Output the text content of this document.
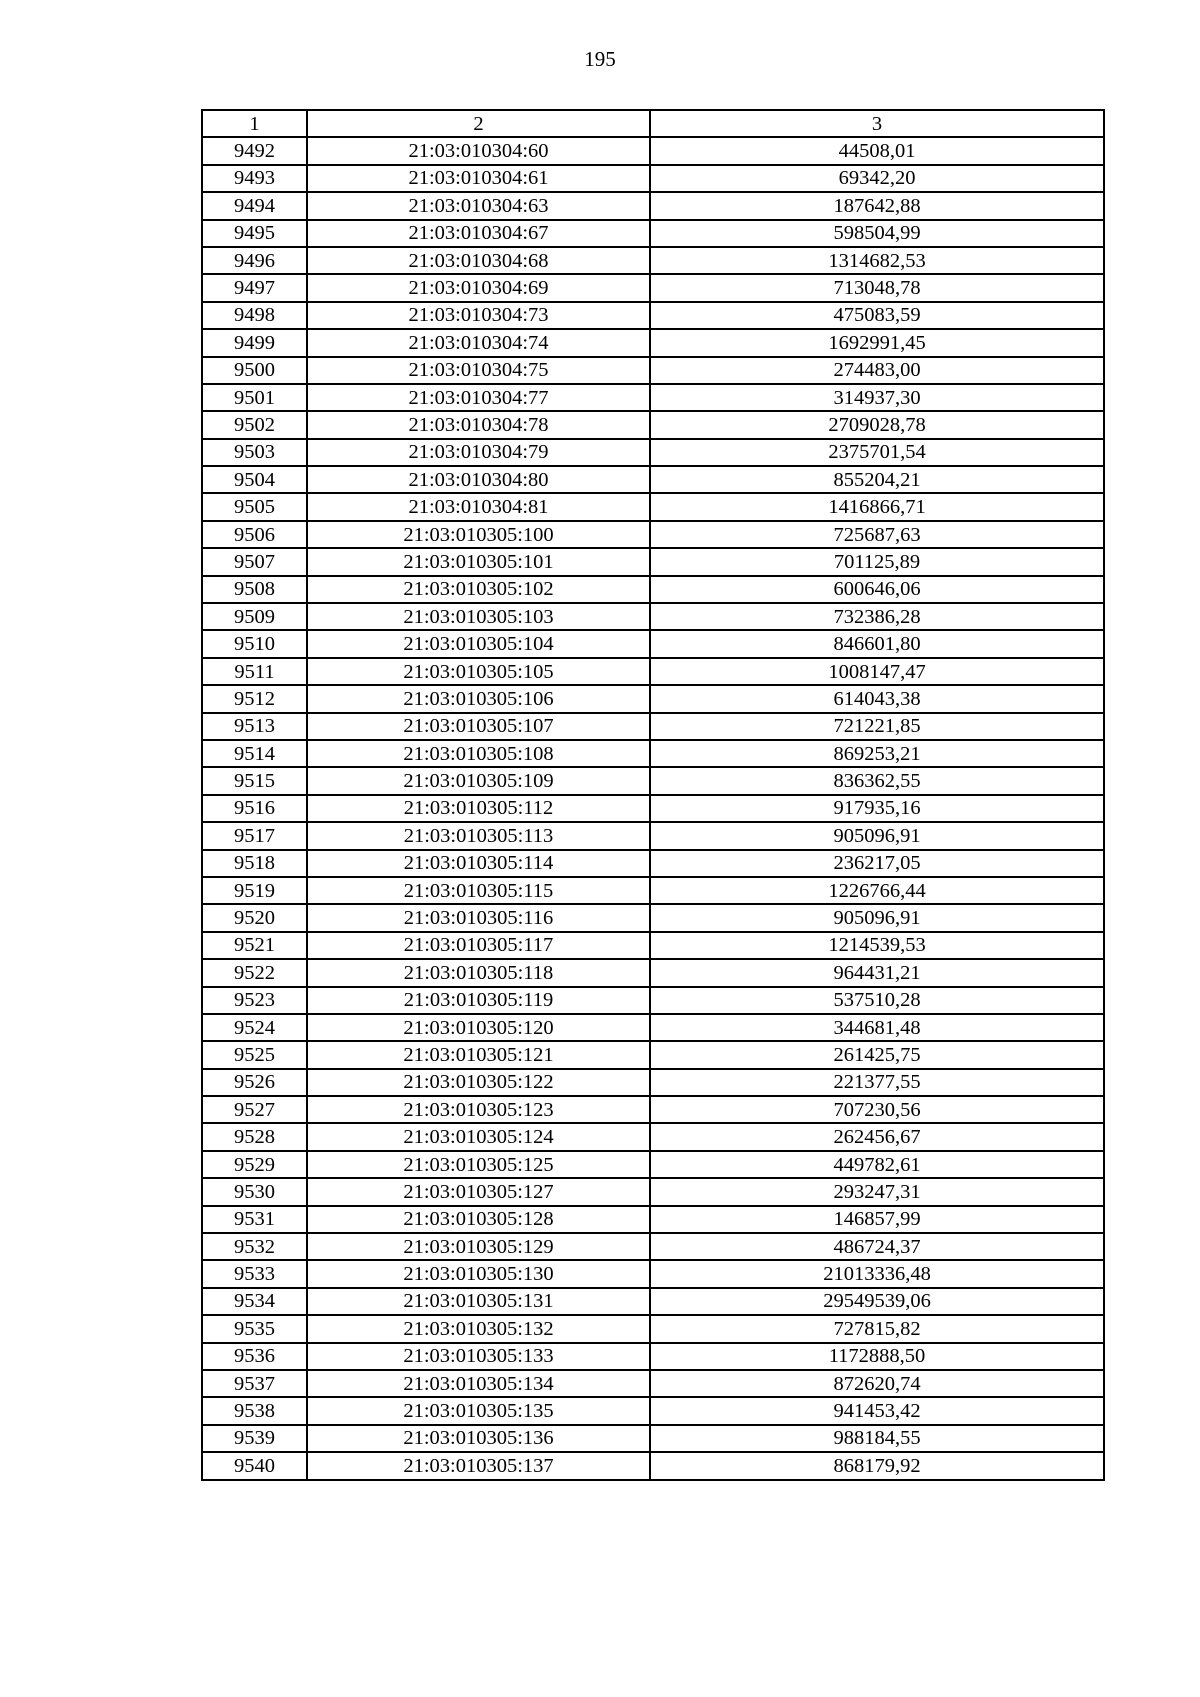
195
1	2	3
9492	21:03:010304:60	44508,01
9493	21:03:010304:61	69342,20
9494	21:03:010304:63	187642,88
9495	21:03:010304:67	598504,99
9496	21:03:010304:68	1314682,53
9497	21:03:010304:69	713048,78
9498	21:03:010304:73	475083,59
9499	21:03:010304:74	1692991,45
9500	21:03:010304:75	274483,00
9501	21:03:010304:77	314937,30
9502	21:03:010304:78	2709028,78
9503	21:03:010304:79	2375701,54
9504	21:03:010304:80	855204,21
9505	21:03:010304:81	1416866,71
9506	21:03:010305:100	725687,63
9507	21:03:010305:101	701125,89
9508	21:03:010305:102	600646,06
9509	21:03:010305:103	732386,28
9510	21:03:010305:104	846601,80
9511	21:03:010305:105	1008147,47
9512	21:03:010305:106	614043,38
9513	21:03:010305:107	721221,85
9514	21:03:010305:108	869253,21
9515	21:03:010305:109	836362,55
9516	21:03:010305:112	917935,16
9517	21:03:010305:113	905096,91
9518	21:03:010305:114	236217,05
9519	21:03:010305:115	1226766,44
9520	21:03:010305:116	905096,91
9521	21:03:010305:117	1214539,53
9522	21:03:010305:118	964431,21
9523	21:03:010305:119	537510,28
9524	21:03:010305:120	344681,48
9525	21:03:010305:121	261425,75
9526	21:03:010305:122	221377,55
9527	21:03:010305:123	707230,56
9528	21:03:010305:124	262456,67
9529	21:03:010305:125	449782,61
9530	21:03:010305:127	293247,31
9531	21:03:010305:128	146857,99
9532	21:03:010305:129	486724,37
9533	21:03:010305:130	21013336,48
9534	21:03:010305:131	29549539,06
9535	21:03:010305:132	727815,82
9536	21:03:010305:133	1172888,50
9537	21:03:010305:134	872620,74
9538	21:03:010305:135	941453,42
9539	21:03:010305:136	988184,55
9540	21:03:010305:137	868179,92
